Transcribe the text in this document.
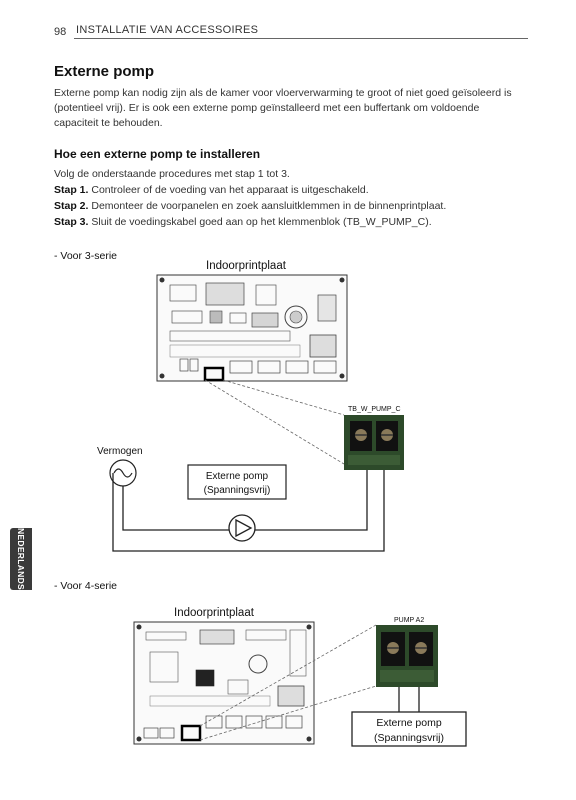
98 INSTALLATIE VAN ACCESSOIRES
Externe pomp
Externe pomp kan nodig zijn als de kamer voor vloerverwarming te groot of niet goed geïsoleerd is (potentieel vrij). Er is ook een externe pomp geïnstalleerd met een buffertank om voldoende capaciteit te behouden.
Hoe een externe pomp te installeren
Volg de onderstaande procedures met stap 1 tot 3.
Stap 1. Controleer of de voeding van het apparaat is uitgeschakeld.
Stap 2. Demonteer de voorpanelen en zoek aansluitklemmen in de binnenprintplaat.
Stap 3. Sluit de voedingskabel goed aan op het klemmenblok (TB_W_PUMP_C).
- Voor 3-serie
- Voor 4-serie
NEDERLANDS
Indoorprintplaat
TB_W_PUMP_C
Vermogen
Externe pomp
(Spanningsvrij)
Indoorprintplaat
PUMP A2
Externe pomp
(Spanningsvrij)
